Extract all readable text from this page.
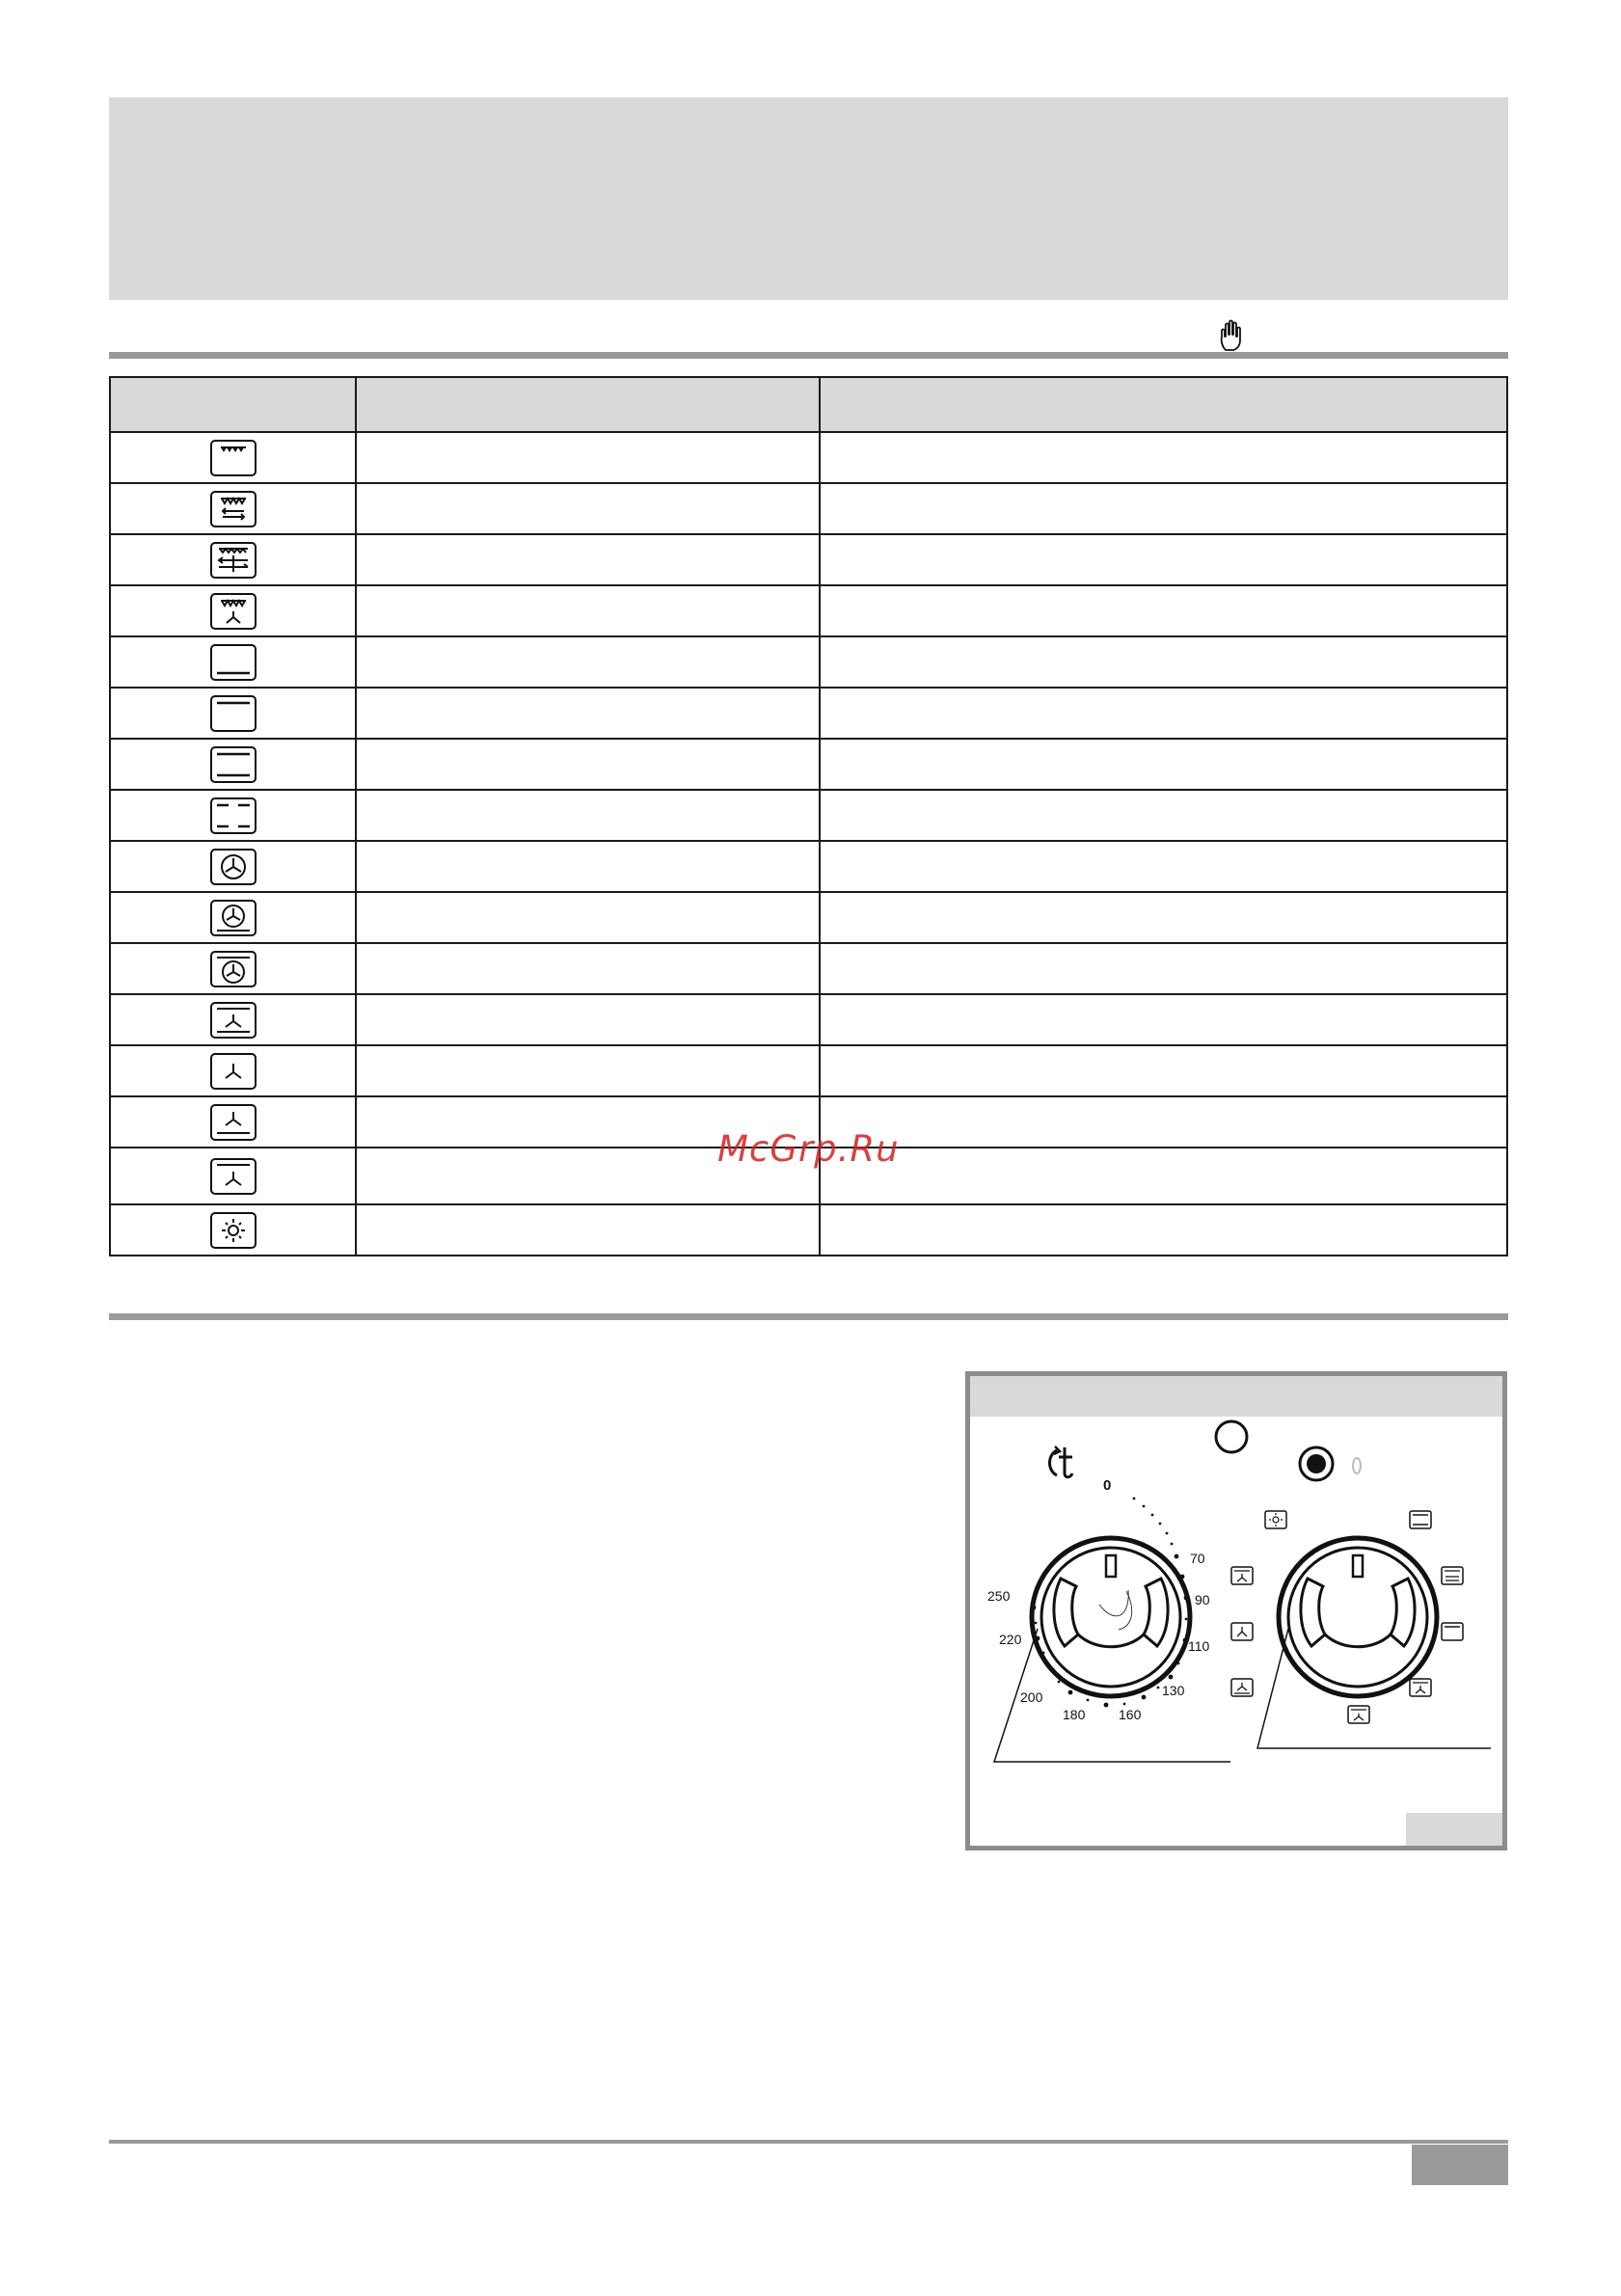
0
70
90
110
130
160
180
200
220
250
McGrp.Ru
